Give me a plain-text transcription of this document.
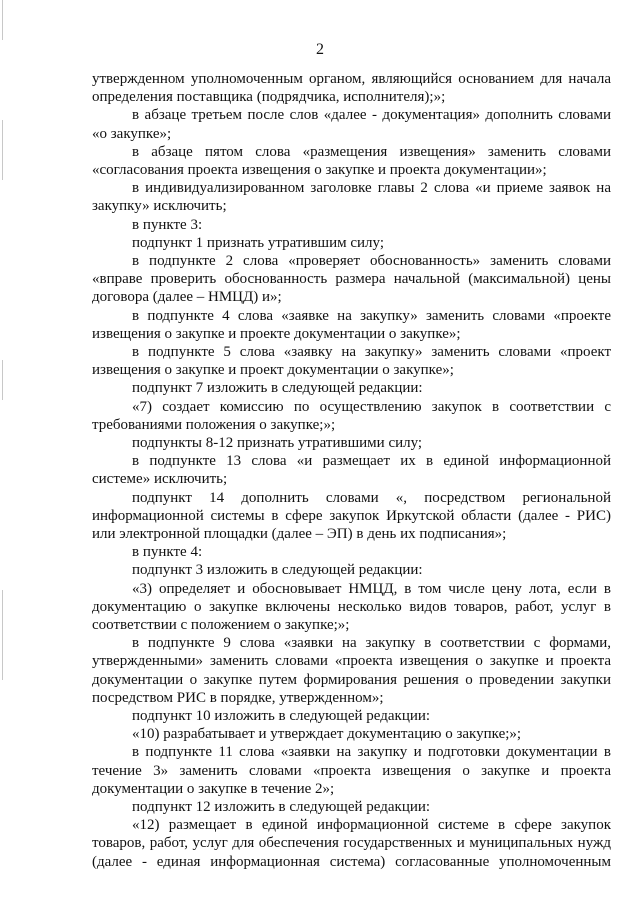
2
утвержденном уполномоченным органом, являющийся основанием для начала
определения поставщика (подрядчика, исполнителя);»;
в абзаце третьем после слов «далее - документация» дополнить словами
«о закупке»;
в абзаце пятом слова «размещения извещения» заменить словами
«согласования проекта извещения о закупке и проекта документации»;
в индивидуализированном заголовке главы 2 слова «и приеме заявок на
закупку» исключить;
в пункте 3:
подпункт 1 признать утратившим силу;
в подпункте 2 слова «проверяет обоснованность» заменить словами
«вправе проверить обоснованность размера начальной (максимальной) цены
договора (далее – НМЦД) и»;
в подпункте 4 слова «заявке на закупку» заменить словами «проекте
извещения о закупке и проекте документации о закупке»;
в подпункте 5 слова «заявку на закупку» заменить словами «проект
извещения о закупке и проект документации о закупке»;
подпункт 7 изложить в следующей редакции:
«7) создает комиссию по осуществлению закупок в соответствии с
требованиями положения о закупке;»;
подпункты 8-12 признать утратившими силу;
в подпункте 13 слова «и размещает их в единой информационной
системе» исключить;
подпункт 14 дополнить словами «, посредством региональной
информационной системы в сфере закупок Иркутской области (далее - РИС)
или электронной площадки (далее – ЭП) в день их подписания»;
в пункте 4:
подпункт 3 изложить в следующей редакции:
«3) определяет и обосновывает НМЦД, в том числе цену лота, если в
документацию о закупке включены несколько видов товаров, работ, услуг в
соответствии с положением о закупке;»;
в подпункте 9 слова «заявки на закупку в соответствии с формами,
утвержденными» заменить словами «проекта извещения о закупке и проекта
документации о закупке путем формирования решения о проведении закупки
посредством РИС в порядке, утвержденном»;
подпункт 10 изложить в следующей редакции:
«10) разрабатывает и утверждает документацию о закупке;»;
в подпункте 11 слова «заявки на закупку и подготовки документации в
течение 3» заменить словами «проекта извещения о закупке и проекта
документации о закупке в течение 2»;
подпункт 12 изложить в следующей редакции:
«12) размещает в единой информационной системе в сфере закупок
товаров, работ, услуг для обеспечения государственных и муниципальных нужд
(далее - единая информационная система) согласованные уполномоченным
